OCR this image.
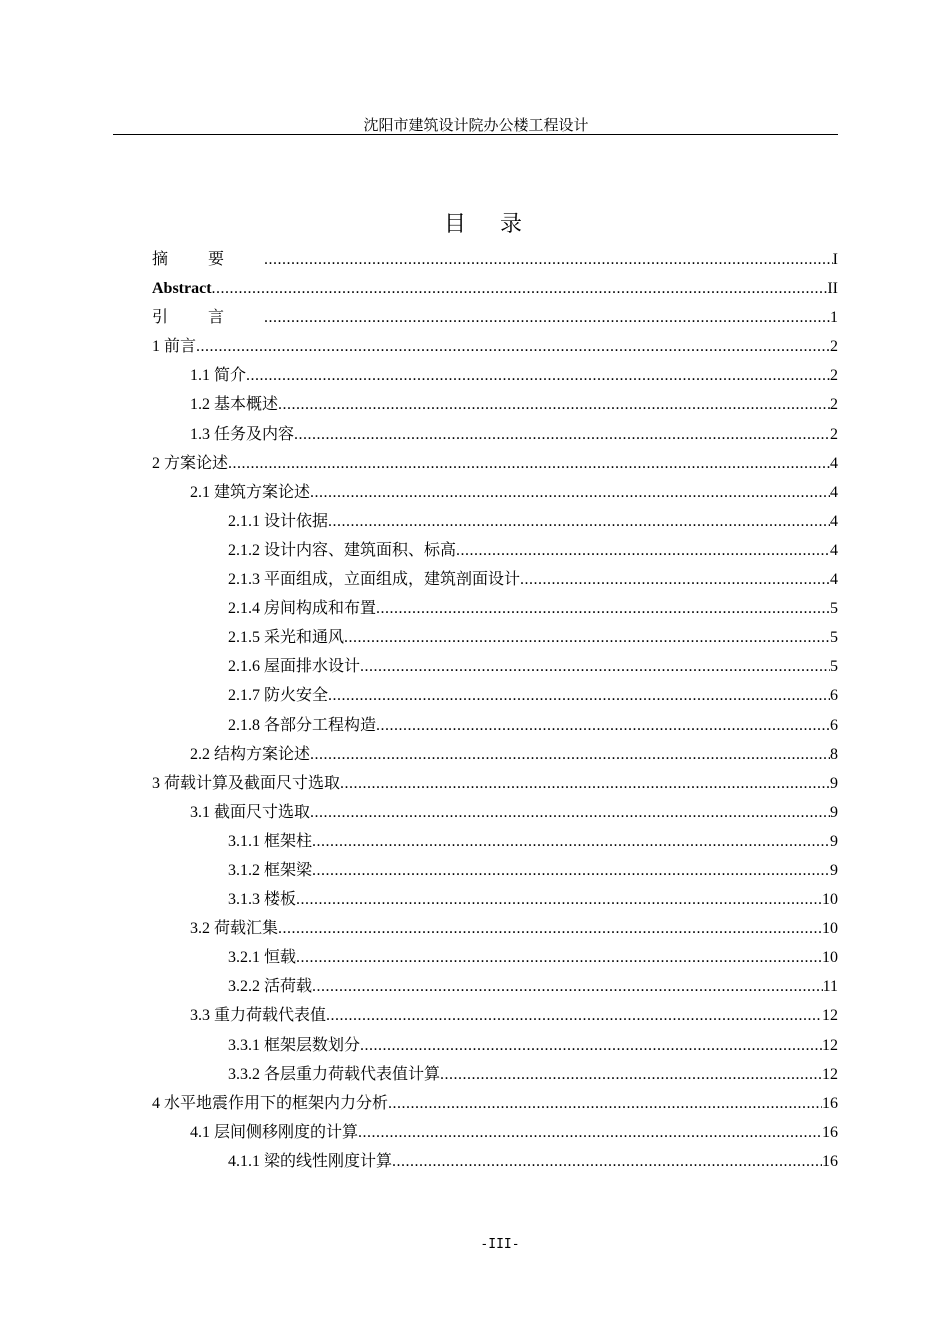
沈阳市建筑设计院办公楼工程设计
目录
摘要 .....	I
Abstract .....	II
引言 .....	1
1 前言 .....	2
1.1 简介 .....	2
1.2 基本概述 .....	2
1.3 任务及内容 .....	2
2 方案论述 .....	4
2.1 建筑方案论述 .....	4
2.1.1 设计依据 .....	4
2.1.2 设计内容、建筑面积、标高 .....	4
2.1.3 平面组成，立面组成，建筑剖面设计 .....	4
2.1.4 房间构成和布置 .....	5
2.1.5 采光和通风 .....	5
2.1.6 屋面排水设计 .....	5
2.1.7 防火安全 .....	6
2.1.8 各部分工程构造 .....	6
2.2 结构方案论述 .....	8
3 荷载计算及截面尺寸选取 .....	9
3.1 截面尺寸选取 .....	9
3.1.1 框架柱 .....	9
3.1.2 框架梁 .....	9
3.1.3 楼板 .....	10
3.2 荷载汇集 .....	10
3.2.1 恒载 .....	10
3.2.2 活荷载 .....	11
3.3 重力荷载代表值 .....	12
3.3.1 框架层数划分 .....	12
3.3.2 各层重力荷载代表值计算 .....	12
4 水平地震作用下的框架内力分析 .....	16
4.1 层间侧移刚度的计算 .....	16
4.1.1 梁的线性刚度计算 .....	16
-III-
